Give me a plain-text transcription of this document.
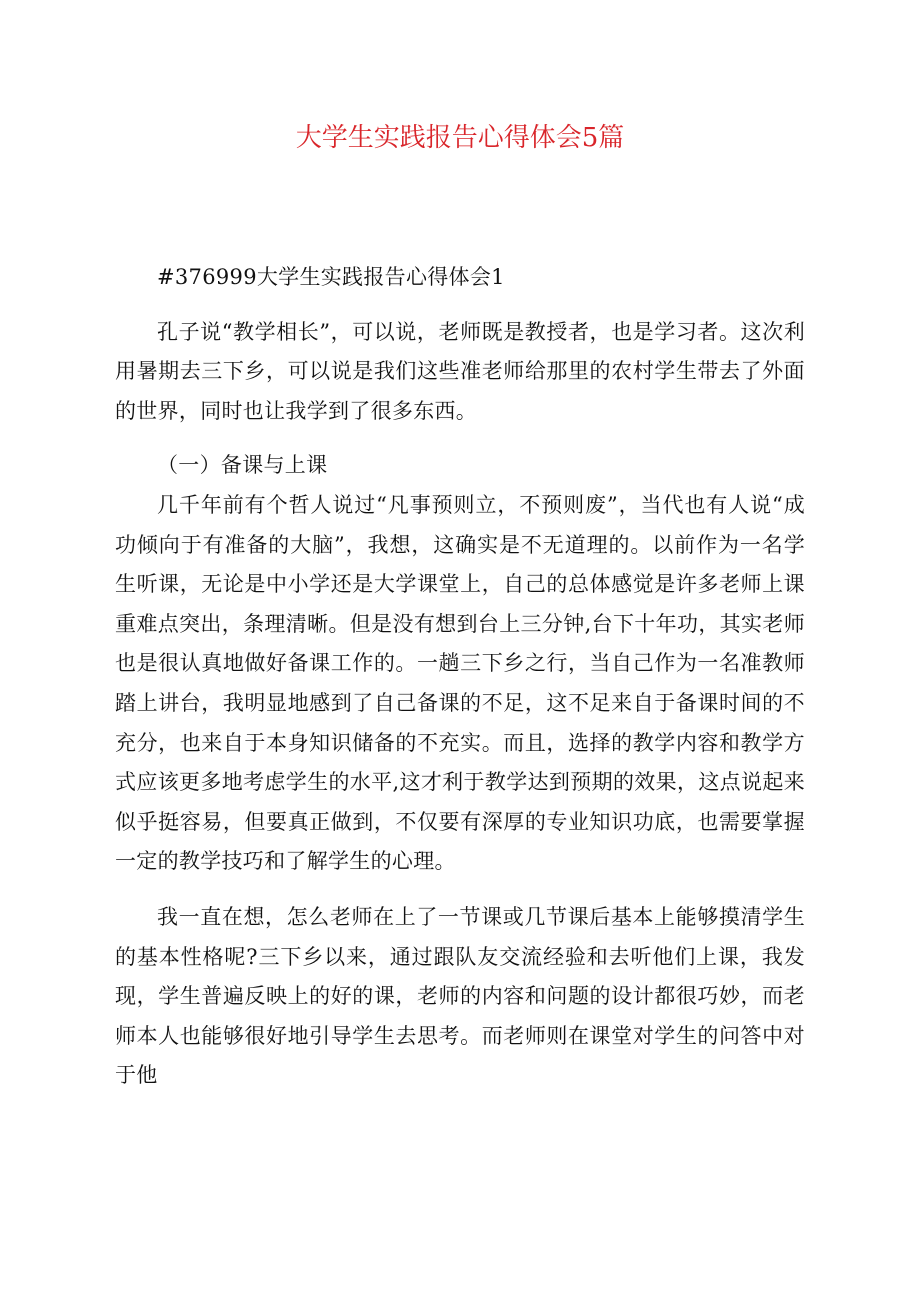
大学生实践报告心得体会5篇

#376999大学生实践报告心得体会1

孔子说“教学相长”，可以说，老师既是教授者，也是学习者。这次利用暑期去三下乡，可以说是我们这些准老师给那里的农村学生带去了外面的世界，同时也让我学到了很多东西。

（一）备课与上课

几千年前有个哲人说过“凡事预则立，不预则废”，当代也有人说“成功倾向于有准备的大脑”，我想，这确实是不无道理的。以前作为一名学生听课，无论是中小学还是大学课堂上，自己的总体感觉是许多老师上课重难点突出，条理清晰。但是没有想到台上三分钟,台下十年功，其实老师也是很认真地做好备课工作的。一趟三下乡之行，当自己作为一名准教师踏上讲台，我明显地感到了自己备课的不足，这不足来自于备课时间的不充分，也来自于本身知识储备的不充实。而且，选择的教学内容和教学方式应该更多地考虑学生的水平,这才利于教学达到预期的效果，这点说起来似乎挺容易，但要真正做到，不仅要有深厚的专业知识功底，也需要掌握一定的教学技巧和了解学生的心理。

我一直在想，怎么老师在上了一节课或几节课后基本上能够摸清学生的基本性格呢?三下乡以来，通过跟队友交流经验和去听他们上课，我发现，学生普遍反映上的好的课，老师的内容和问题的设计都很巧妙，而老师本人也能够很好地引导学生去思考。而老师则在课堂对学生的问答中对于他
